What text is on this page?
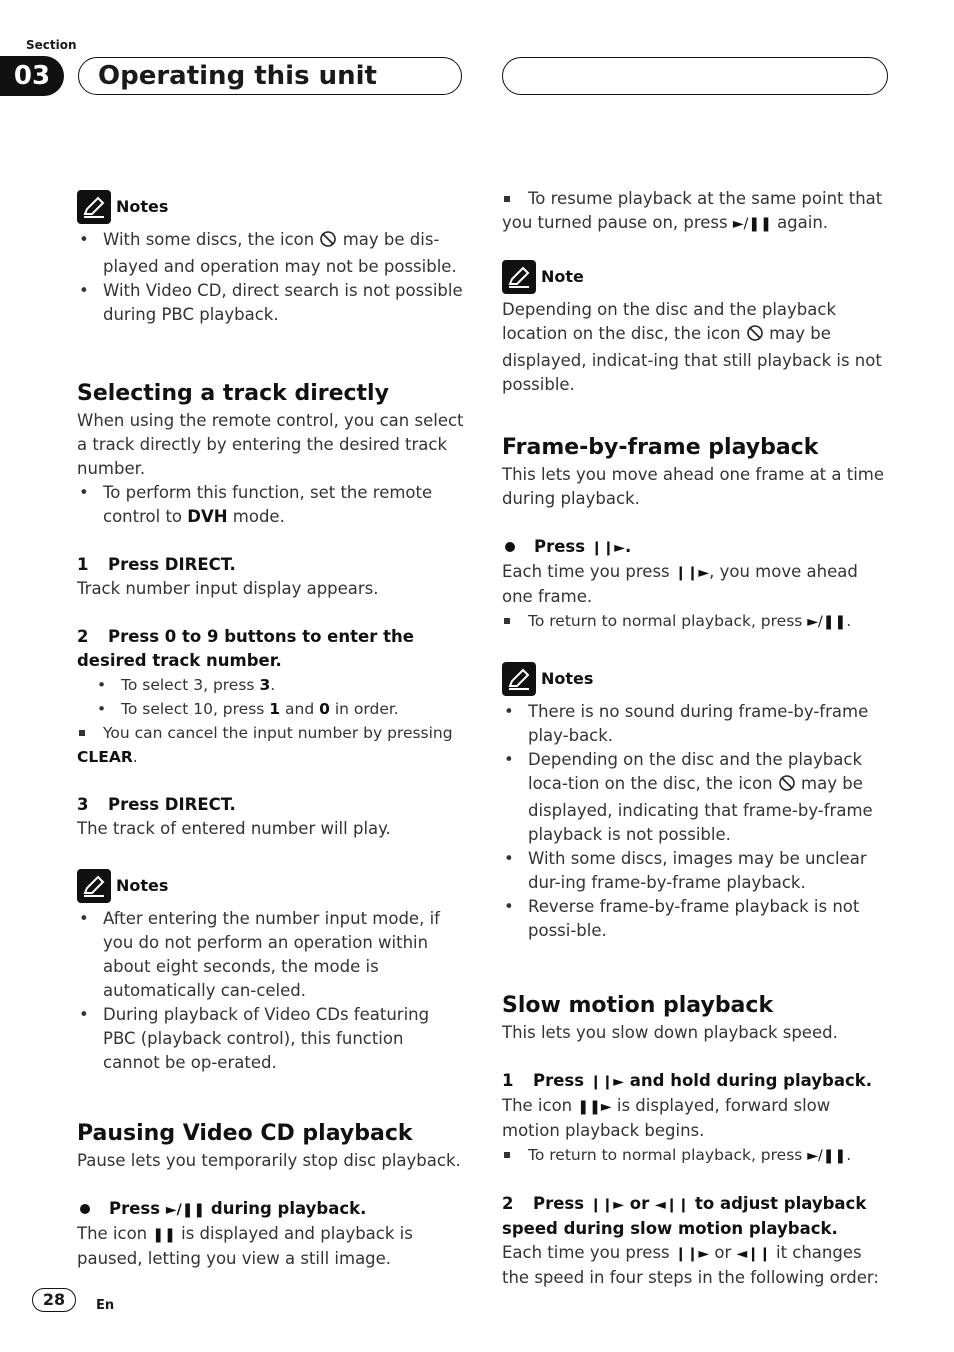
Section
03	Operating this unit
Notes
• With some discs, the icon  may be dis-played and operation may not be possible.
• With Video CD, direct search is not possible during PBC playback.
Selecting a track directly

When using the remote control, you can select a track directly by entering the desired track number.

• To perform this function, set the remote control to DVH mode.
1 Press DIRECT.

Track number input display appears.

2 Press 0 to 9 buttons to enter the desired track number.
• To select 3, press 3.
• To select 10, press 1 and 0 in order.
You can cancel the input number by pressing CLEAR.
3 Press DIRECT.

The track of entered number will play.

Notes
• After entering the number input mode, if you do not perform an operation within about eight seconds, the mode is automatically can-celed.
• During playback of Video CDs featuring PBC (playback control), this function cannot be op-erated.
Pausing Video CD playback

Pause lets you temporarily stop disc playback.

Press ►/❚❚ during playback.

The icon ❚❚ is displayed and playback is paused, letting you view a still image.

To resume playback at the same point that you turned pause on, press ►/❚❚ again.
Note

Depending on the disc and the playback location on the disc, the icon  may be displayed, indicat-ing that still playback is not possible.

Frame-by-frame playback

This lets you move ahead one frame at a time during playback.

Press ❙❙►.

Each time you press ❙❙►, you move ahead one frame.

To return to normal playback, press ►/❚❚.
Notes
• There is no sound during frame-by-frame play-back.
• Depending on the disc and the playback loca-tion on the disc, the icon  may be displayed, indicating that frame-by-frame playback is not possible.
• With some discs, images may be unclear dur-ing frame-by-frame playback.
• Reverse frame-by-frame playback is not possi-ble.
Slow motion playback

This lets you slow down playback speed.

1 Press ❙❙► and hold during playback.

The icon ❚❚► is displayed, forward slow motion playback begins.

To return to normal playback, press ►/❚❚.
2 Press ❙❙► or ◄❙❙ to adjust playback speed during slow motion playback.

Each time you press ❙❙► or ◄❙❙ it changes the speed in four steps in the following order:

28	En
